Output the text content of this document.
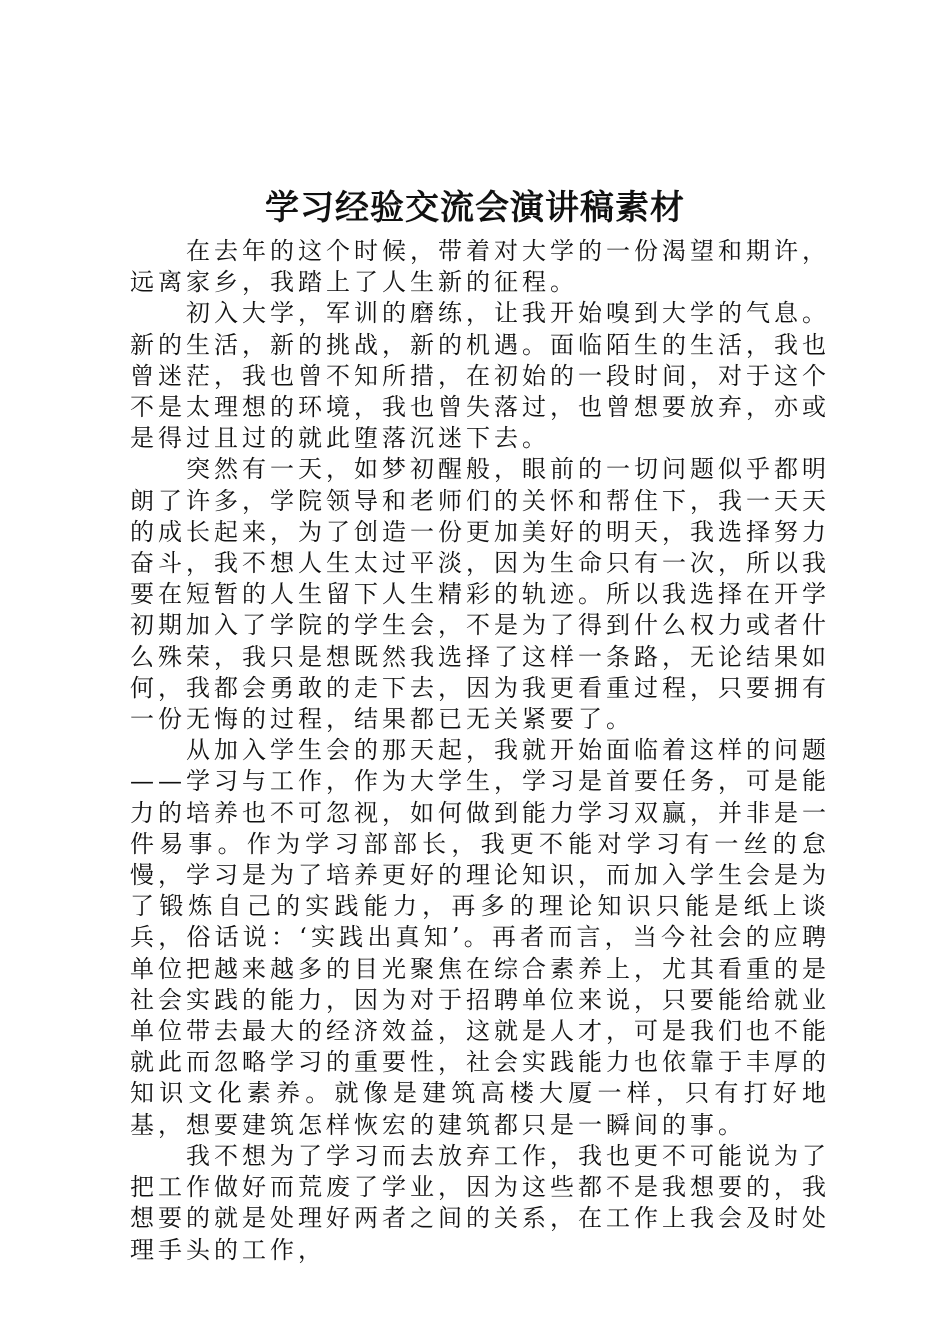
学习经验交流会演讲稿素材

在去年的这个时候，带着对大学的一份渴望和期许，远离家乡，我踏上了人生新的征程。

初入大学，军训的磨练，让我开始嗅到大学的气息。新的生活，新的挑战，新的机遇。面临陌生的生活，我也曾迷茫，我也曾不知所措，在初始的一段时间，对于这个不是太理想的环境，我也曾失落过，也曾想要放弃，亦或是得过且过的就此堕落沉迷下去。

突然有一天，如梦初醒般，眼前的一切问题似乎都明朗了许多，学院领导和老师们的关怀和帮住下，我一天天的成长起来，为了创造一份更加美好的明天，我选择努力奋斗，我不想人生太过平淡，因为生命只有一次，所以我要在短暂的人生留下人生精彩的轨迹。所以我选择在开学初期加入了学院的学生会，不是为了得到什么权力或者什么殊荣，我只是想既然我选择了这样一条路，无论结果如何，我都会勇敢的走下去，因为我更看重过程，只要拥有一份无悔的过程，结果都已无关紧要了。

从加入学生会的那天起，我就开始面临着这样的问题——学习与工作，作为大学生，学习是首要任务，可是能力的培养也不可忽视，如何做到能力学习双赢，并非是一件易事。作为学习部部长，我更不能对学习有一丝的怠慢，学习是为了培养更好的理论知识，而加入学生会是为了锻炼自己的实践能力，再多的理论知识只能是纸上谈兵，俗话说：‘实践出真知’。再者而言，当今社会的应聘单位把越来越多的目光聚焦在综合素养上，尤其看重的是社会实践的能力，因为对于招聘单位来说，只要能给就业单位带去最大的经济效益，这就是人才，可是我们也不能就此而忽略学习的重要性，社会实践能力也依靠于丰厚的知识文化素养。就像是建筑高楼大厦一样，只有打好地基，想要建筑怎样恢宏的建筑都只是一瞬间的事。

我不想为了学习而去放弃工作，我也更不可能说为了把工作做好而荒废了学业，因为这些都不是我想要的，我想要的就是处理好两者之间的关系，在工作上我会及时处理手头的工作，
